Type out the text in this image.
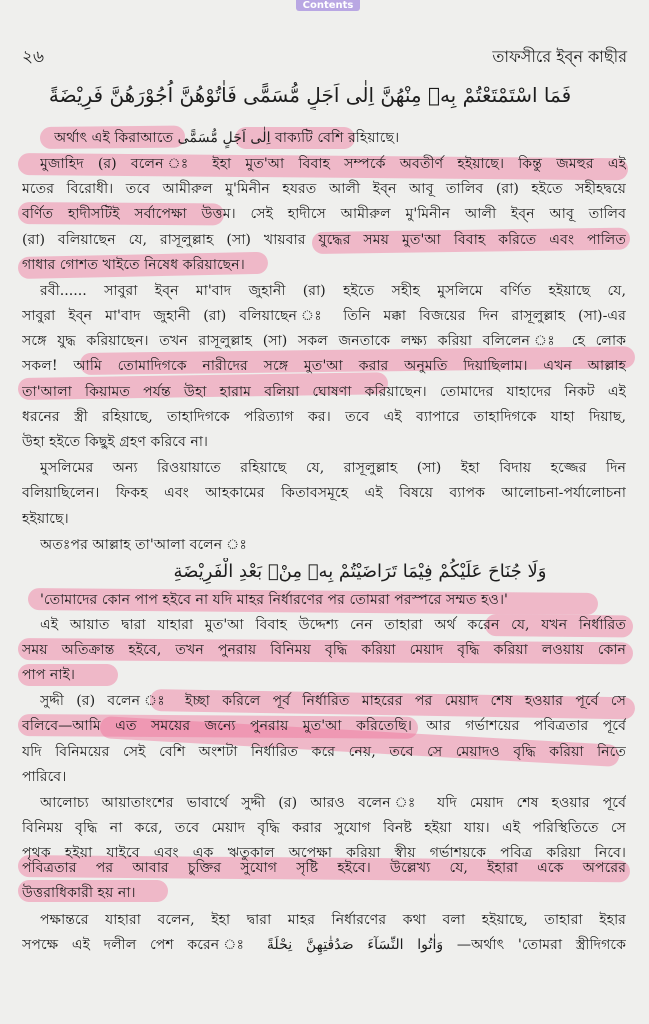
Contents
২৬	তাফসীরে ইব্‌ন কাছীর
فَمَا اسْتَمْتَعْتُمْ بِهٖ مِنْهُنَّ اِلٰى اَجَلٍ مُّسَمًّى فَاٰتُوْهُنَّ اُجُوْرَهُنَّ فَرِيْضَةً
অর্থাৎ এই কিরাআতে اِلٰى اَجَلٍ مُّسَمًّى বাক্যটি বেশি রহিয়াছে।
মুজাহিদ (র) বলেন ঃ ইহা মুত'আ বিবাহ সম্পর্কে অবতীর্ণ হইয়াছে। কিন্তু জমহুর এই
মতের বিরোধী। তবে আমীরুল মু'মিনীন হযরত আলী ইব্‌ন আবূ তালিব (রা) হইতে সহীহদ্বয়ে
বর্ণিত হাদীসটিই সর্বাপেক্ষা উত্তম। সেই হাদীসে আমীরুল মু'মিনীন আলী ইব্‌ন আবূ তালিব
(রা) বলিয়াছেন যে, রাসূলুল্লাহ (সা) খায়বার যুদ্ধের সময় মুত'আ বিবাহ করিতে এবং পালিত
গাধার গোশত খাইতে নিষেধ করিয়াছেন।
রবী...... সাবুরা ইব্‌ন মা'বাদ জুহানী (রা) হইতে সহীহ মুসলিমে বর্ণিত হইয়াছে যে,
সাবুরা ইব্‌ন মা'বাদ জুহানী (রা) বলিয়াছেন ঃ তিনি মক্কা বিজয়ের দিন রাসূলুল্লাহ (সা)-এর
সঙ্গে যুদ্ধ করিয়াছেন। তখন রাসূলুল্লাহ (সা) সকল জনতাকে লক্ষ্য করিয়া বলিলেন ঃ হে লোক
সকল! আমি তোমাদিগকে নারীদের সঙ্গে মুত'আ করার অনুমতি দিয়াছিলাম। এখন আল্লাহ
তা'আলা কিয়ামত পর্যন্ত উহা হারাম বলিয়া ঘোষণা করিয়াছেন। তোমাদের যাহাদের নিকট এই
ধরনের স্ত্রী রহিয়াছে, তাহাদিগকে পরিত্যাগ কর। তবে এই ব্যাপারে তাহাদিগকে যাহা দিয়াছ,
উহা হইতে কিছুই গ্রহণ করিবে না।
মুসলিমের অন্য রিওয়ায়াতে রহিয়াছে যে, রাসূলুল্লাহ (সা) ইহা বিদায় হজ্জের দিন
বলিয়াছিলেন। ফিকহ এবং আহকামের কিতাবসমূহে এই বিষয়ে ব্যাপক আলোচনা-পর্যালোচনা
হইয়াছে।
অতঃপর আল্লাহ তা'আলা বলেন ঃ
وَلَا جُنَاحَ عَلَيْكُمْ فِيْمَا تَرَاضَيْتُمْ بِهٖ مِنْۢ بَعْدِ الْفَرِيْضَةِ
'তোমাদের কোন পাপ হইবে না যদি মাহর নির্ধারণের পর তোমরা পরস্পরে সম্মত হও।'
এই আয়াত দ্বারা যাহারা মুত'আ বিবাহ উদ্দেশ্য নেন তাহারা অর্থ করেন যে, যখন নির্ধারিত
সময় অতিক্রান্ত হইবে, তখন পুনরায় বিনিময় বৃদ্ধি করিয়া মেয়াদ বৃদ্ধি করিয়া লওয়ায় কোন
পাপ নাই।
সুদ্দী (র) বলেন ঃ ইচ্ছা করিলে পূর্ব নির্ধারিত মাহরের পর মেয়াদ শেষ হওয়ার পূর্বে সে
বলিবে—আমি এত সময়ের জন্যে পুনরায় মুত'আ করিতেছি। আর গর্ভাশয়ের পবিত্রতার পূর্বে
যদি বিনিময়ের সেই বেশি অংশটা নির্ধারিত করে নেয়, তবে সে মেয়াদও বৃদ্ধি করিয়া নিতে
পারিবে।
আলোচ্য আয়াতাংশের ভাবার্থে সুদ্দী (র) আরও বলেন ঃ যদি মেয়াদ শেষ হওয়ার পূর্বে
বিনিময় বৃদ্ধি না করে, তবে মেয়াদ বৃদ্ধি করার সুযোগ বিনষ্ট হইয়া যায়। এই পরিস্থিতিতে সে
পৃথক হইয়া যাইবে এবং এক ঋতুকাল অপেক্ষা করিয়া স্বীয় গর্ভাশয়কে পবিত্র করিয়া নিবে।
পবিত্রতার পর আবার চুক্তির সুযোগ সৃষ্টি হইবে। উল্লেখ্য যে, ইহারা একে অপরের
উত্তরাধিকারী হয় না।
পক্ষান্তরে যাহারা বলেন, ইহা দ্বারা মাহর নির্ধারণের কথা বলা হইয়াছে, তাহারা ইহার
সপক্ষে এই দলীল পেশ করেন ঃ وَاٰتُوا النِّسَآءَ صَدُقٰتِهِنَّ نِحْلَةً —অর্থাৎ 'তোমরা স্ত্রীদিগকে
